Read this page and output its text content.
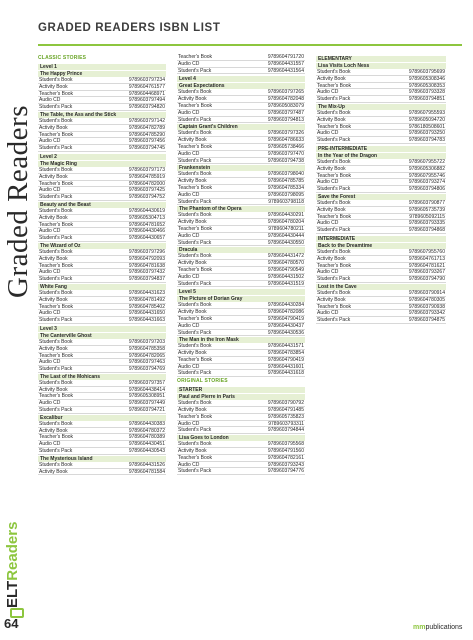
Graded Readers
ELTReaders
64
GRADED READERS ISBN LIST
CLASSIC STORIES
Level 1
The Happy Prince
Student's Book	9789603797234
Activity Book	9789604761577
Teacher's Book	9789604468971
Audio CD	9789603797494
Student's Pack	9789603794820
The Table, the Ass and the Stick
Student's Book	9789603797142
Activity Book	9789604782789
Teacher's Book	9789604785290
Audio CD	9789603797456
Student's Pack	9789603794745
Level 2
The Magic Ring
Student's Book	9789603797173
Activity Book	9789604785919
Teacher's Book	9789604782000
Audio CD	9789603797425
Student's Pack	9789603794752
Beauty and the Beast
Student's Book	9789604430619
Activity Book	9789605304713
Teacher's Book	9789604781652
Audio CD	9789604430466
Student's Pack	9789604430657
The Wizard of Oz
Student's Book	9789603797296
Activity Book	9789604792093
Teacher's Book	9789604781638
Audio CD	9789603797432
Student's Pack	9789603794837
White Fang
Student's Book	9789604431623
Activity Book	9789604781492
Teacher's Book	9789604785402
Audio CD	9789604431650
Student's Pack	9789604431663
Level 3
The Canterville Ghost
Student's Book	9789603797203
Activity Book	9789604785358
Teacher's Book	9789604782065
Audio CD	9789603797463
Student's Pack	9789603794769
The Last of the Mohicans
Student's Book	9789603797357
Activity Book	9789604438414
Teacher's Book	9789605308951
Audio CD	9789603797449
Student's Pack	9789603794721
Excalibur
Student's Book	9789604430383
Activity Book	9789604780372
Teacher's Book	9789604780389
Audio CD	9789604430451
Student's Pack	9789604430543
The Mysterious Island
Student's Book	9789604431526
Activity Book	9789604781584
Teacher's Book	9789604791720
Audio CD	9789604431557
Student's Pack	9789604431564
Level 4
Great Expectations
Student's Book	9789603797265
Activity Book	9789604782048
Teacher's Book	9789605083079
Audio CD	9789603797487
Student's Pack	9789603794813
Captain Grant's Children
Student's Book	9789603797326
Activity Book	9789604786633
Teacher's Book	9789605738466
Audio CD	9789603797470
Student's Pack	9789603794738
Frankenstein
Student's Book	9789603798040
Activity Book	9789604785785
Teacher's Book	9789604785334
Audio CD	9789603798095
Student's Pack	9789603798118
The Phantom of the Opera
Student's Book	9789604430291
Activity Book	9789604780204
Teacher's Book	9789604780211
Audio CD	9789604430444
Student's Pack	9789604430550
Dracula
Student's Book	9789604431472
Activity Book	9789604780570
Teacher's Book	9789604790549
Audio CD	9789604431502
Student's Pack	9789604431519
Level 5
The Picture of Dorian Gray
Student's Book	9789604430284
Activity Book	9789604782086
Teacher's Book	9789604790419
Audio CD	9789604430437
Student's Pack	9789604430536
The Man in the Iron Mask
Student's Book	9789604431571
Activity Book	9789604783854
Teacher's Book	9789604790419
Audio CD	9789604431601
Student's Pack	9789604431618
ORIGINAL STORIES
STARTER
Paul and Pierre in Paris
Student's Book	9789603790792
Activity Book	9789604791485
Teacher's Book	9789605735823
Audio CD	9789603793311
Student's Pack	9789603794844
Lisa Goes to London
Student's Book	9789603795568
Activity Book	9789604791560
Teacher's Book	9789604782161
Audio CD	9789603793243
Student's Pack	9789603794776
ELEMENTARY
Lisa Visits Loch Ness
Student's Book	9789603795699
Activity Book	9789605308346
Teacher's Book	9789605308353
Audio CD	9789603793328
Student's Pack	9789603794851
The Mix-Up
Student's Book	9789607955593
Activity Book	9789605094720
Teacher's Book	9786180508601
Audio CD	9789603793250
Student's Pack	9789603794783
PRE-INTERMEDIATE
In the Year of the Dragon
Student's Book	9789607955722
Activity Book	9789605306882
Teacher's Book	9789607955746
Audio CD	9789603793274
Student's Pack	9789603794806
Save the Forest
Student's Book	9789603790877
Activity Book	9789605735739
Teacher's Book	9789605092115
Audio CD	9789603793335
Student's Pack	9789603794868
INTERMEDIATE
Back to the Dreamtime
Student's Book	9789607955760
Activity Book	9789604761713
Teacher's Book	9789604781621
Audio CD	9789603793267
Student's Pack	9789603794790
Lost in the Cave
Student's Book	9789603790914
Activity Book	9789604780305
Teacher's Book	9789603790938
Audio CD	9789603793342
Student's Pack	9789603794875
mmpublications
